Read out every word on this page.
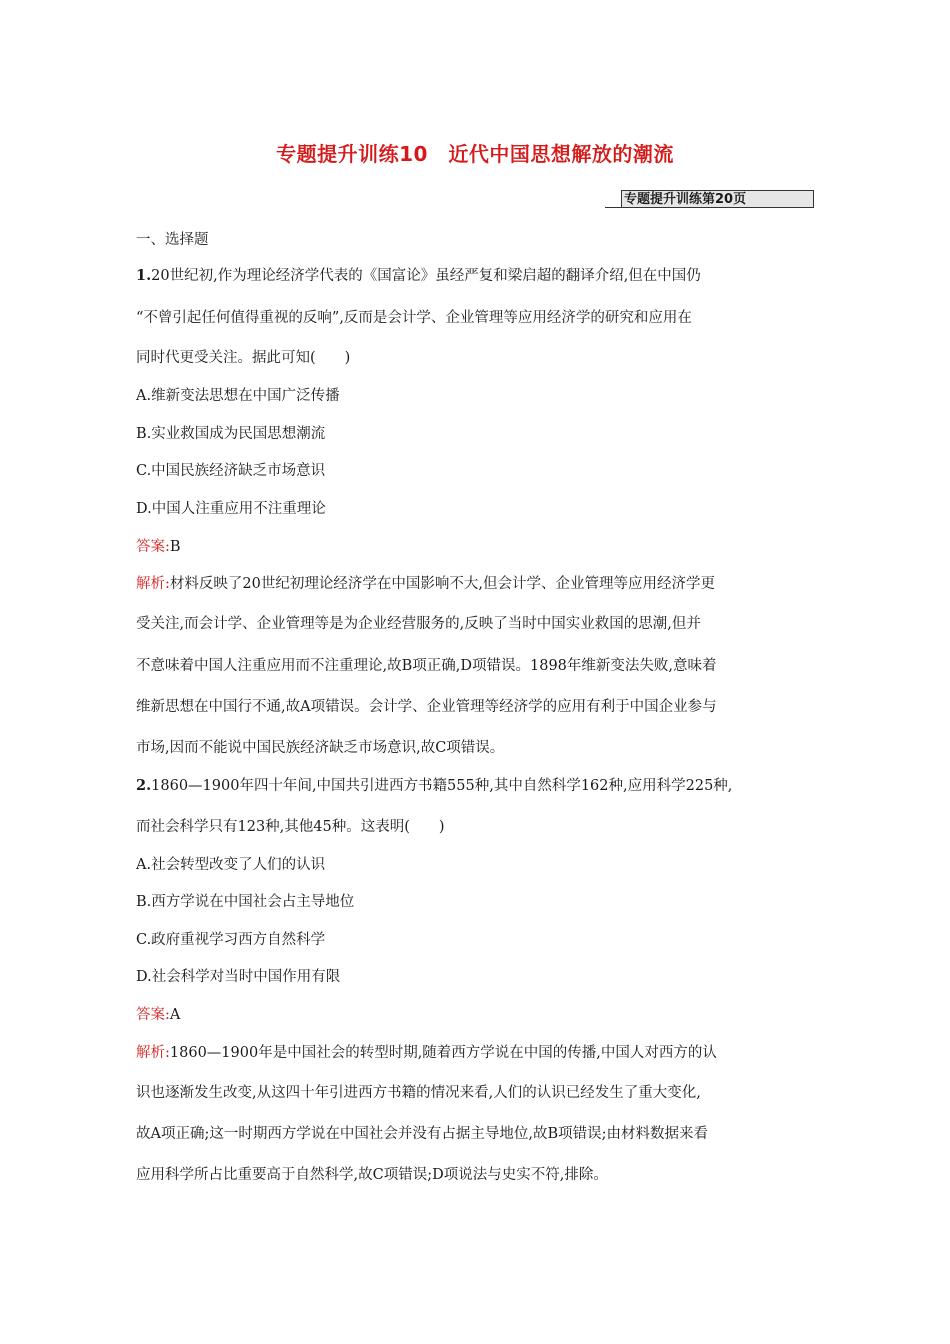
专题提升训练10　近代中国思想解放的潮流
专题提升训练第20页
一、选择题
1.20世纪初,作为理论经济学代表的《国富论》虽经严复和梁启超的翻译介绍,但在中国仍
“不曾引起任何值得重视的反响”,反而是会计学、企业管理等应用经济学的研究和应用在
同时代更受关注。据此可知(　　)
A.维新变法思想在中国广泛传播
B.实业救国成为民国思想潮流
C.中国民族经济缺乏市场意识
D.中国人注重应用不注重理论
答案:B
解析:材料反映了20世纪初理论经济学在中国影响不大,但会计学、企业管理等应用经济学更
受关注,而会计学、企业管理等是为企业经营服务的,反映了当时中国实业救国的思潮,但并
不意味着中国人注重应用而不注重理论,故B项正确,D项错误。1898年维新变法失败,意味着
维新思想在中国行不通,故A项错误。会计学、企业管理等经济学的应用有利于中国企业参与
市场,因而不能说中国民族经济缺乏市场意识,故C项错误。
2.1860—1900年四十年间,中国共引进西方书籍555种,其中自然科学162种,应用科学225种,
而社会科学只有123种,其他45种。这表明(　　)
A.社会转型改变了人们的认识
B.西方学说在中国社会占主导地位
C.政府重视学习西方自然科学
D.社会科学对当时中国作用有限
答案:A
解析:1860—1900年是中国社会的转型时期,随着西方学说在中国的传播,中国人对西方的认
识也逐渐发生改变,从这四十年引进西方书籍的情况来看,人们的认识已经发生了重大变化,
故A项正确;这一时期西方学说在中国社会并没有占据主导地位,故B项错误;由材料数据来看
应用科学所占比重要高于自然科学,故C项错误;D项说法与史实不符,排除。
